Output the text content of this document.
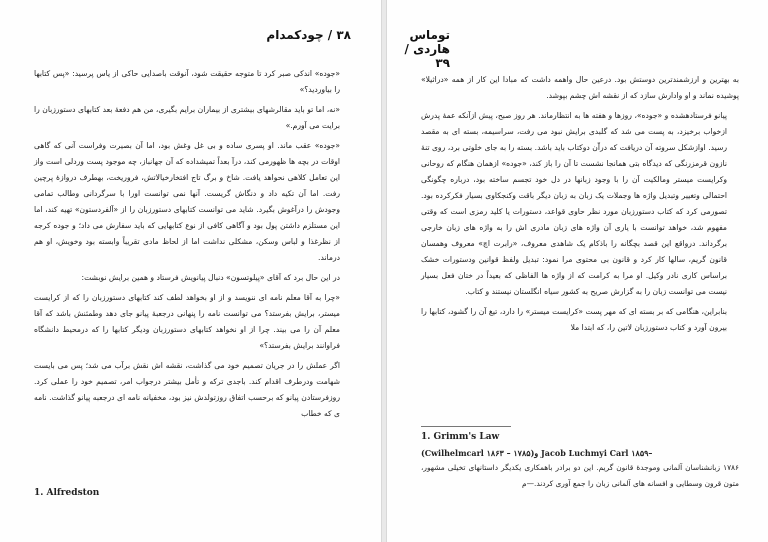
۳۸ / چودکمدام

«جوده» اندکی صبر کرد تا متوجه حقیقت شود، آنوقت باصدایی حاکی از یاس پرسید: «پس کتابها را بیاوردید؟»

«نه، اما تو باید مقالرشهای بیشتری از بیماران برایم بگیری، من هم دفعهٔ بعد کتابهای دستورزبان را برایت می آورم.»

«جوده» عقب ماند. او پسری ساده و بی غل وغش بود، اما آن بصیرت وفراست آنی که گاهی اوقات در بچه ها ظهورمی کند، درآ بعداً تمیشداده که آن جهانباز، چه موجود پست وردلی است واز این تعامل کلاهی نحواهد یافت. شاخ و برگ تاج افتخارخیالاتش، فروریخت، بهطرف دروازهٔ پرچین رفت. اما آن تکیه داد و دنگاش گریست. آنها نمی توانست اورا با سرگردانی وطالب تمامی وجودش را درآغوش بگیرد. شاید می توانست کتابهای دستورزبان را از «آلفردستون» تهیه کند، اما این مستلزم داشتن پول بود و آگاهی کافی از نوع کتابهایی که باید سفارش می داد؛ و جوده کرجه از نظرغذا و لباس وسکن، مشکلی نداشت اما از لحاظ مادی تقریباً وابسته بود وخویش، او هم درماند.

در این حال برد که آقای «پیلوتسون» دنبال پیانویش فرستاد و همین برایش نوبشت:

«چرا به آقا معلم نامه ای ننویسد و از او بخواهد لطف کند کتابهای دستورزبان را که از کرایست میستر، برایش بفرستد؟ می توانست نامه را پنهانی درجعبهٔ پیانو جای دهد وطمئنش باشد که آقا معلم آن را می بیند. چرا از او نخواهد کتابهای دستورزبان ودیگر کتابها را که درمحیط دانشگاه فراوانند برایش بفرستد؟»

اگر عملش را در جریان تصمیم خود می گذاشت، نقشه اش نقش برآب می شد؛ پس می بایست شهامت ودرطرف اقدام کند. باجدی ترکه و تأمل بیشتر درجواب امر، تصمیم خود را عملی کرد. روزفرستادن پیانو که برحسب اتفاق روزتولدش نیز بود، مخفیانه نامه ای درجعبه پیانو گذاشت. نامه ی که خطاب

1. Alfredston
توماس هاردی / ۳۹

به بهترین و ارزشمندترین دوستش بود. درعین حال واهمه داشت که مبادا این کار از همه «دراثیلا» پوشیده نماند و او وادارش سازد که از نقشه اش چشم بپوشد.

پیانو فرستادهشده و «جوده»، روزها و هفته ها به انتظارماند. هر روز صبح، پیش ازآنکه عمهٔ پدرش ازخواب برخیزد، به پست می شد که گلبدی برایش نبود می رفت، سراسیمه، بسته ای به مقصد رسید. اوازشکل سروته آن دریافت که دراّن دوکتاب باید باشد. بسته را به جای خلوتی برد، روی تنهٔ نازون قرمزرنگی که دیدگاه بتی همانجا نشست تا آن را باز کند، «جوده» ازهمان هنگام که روحانی وکرایست میستر ومالکیت آن را با وجود زبانها در دل خود تجسم ساخته بود، درباره چگونگی احتمالی وتغییر وتبدیل واژه ها وجملات یک زبان به زبان دیگر باقت وکنجکاوی بسیار فکرکرده بود. تصورمی کرد که کتاب دستورزبان مورد نظر حاوی قواعد، دستورات یا کلید رمزی است که وقتی مفهوم شد، خواهد توانست با یاری آن واژه های زبان مادری اش را به واژه های زبان خارجی برگرداند. درواقع این قصد بچگانه را باذکام یک شاهدی معروف، «رابرت اچ» معروف وهمسان قانون گریم، سالها کار کرد و قانون بی محتوی مرا نمود: تبدیل ولفظ قوانین ودستورات خشک براساس کاری نادر وکیل. او مرا به کرامت که از واژه ها الفاظی که بعیداً در ختان فعل بسیار نیست می توانست زبان را به گزارش صریح به کشور سیاه انگلستان نیستند و کتاب.

بنابراین، هنگامی که بر بسته ای که مهر پست «کرایست میستر» را دارد، تیغ آن را گشود، کتابها را بیرون آورد و کتاب دستورزبان لاتین را، که ابتدا ملا

1. Grimm's Law
(Cwilhelmcarl ۱۸۶۳ – ۱۷۸۵)و Jacob Luchmyi Carl ۱۸۵۹–
۱۷۸۶ زبانشناسان آلمانی وموجدهٔ قانون گریم. این دو برادر باهمکاری یکدیگر داستانهای تخیلی مشهور، متون قرون وسطایی و افسانه های آلمانی زبان را جمع آوری کردند.—م
